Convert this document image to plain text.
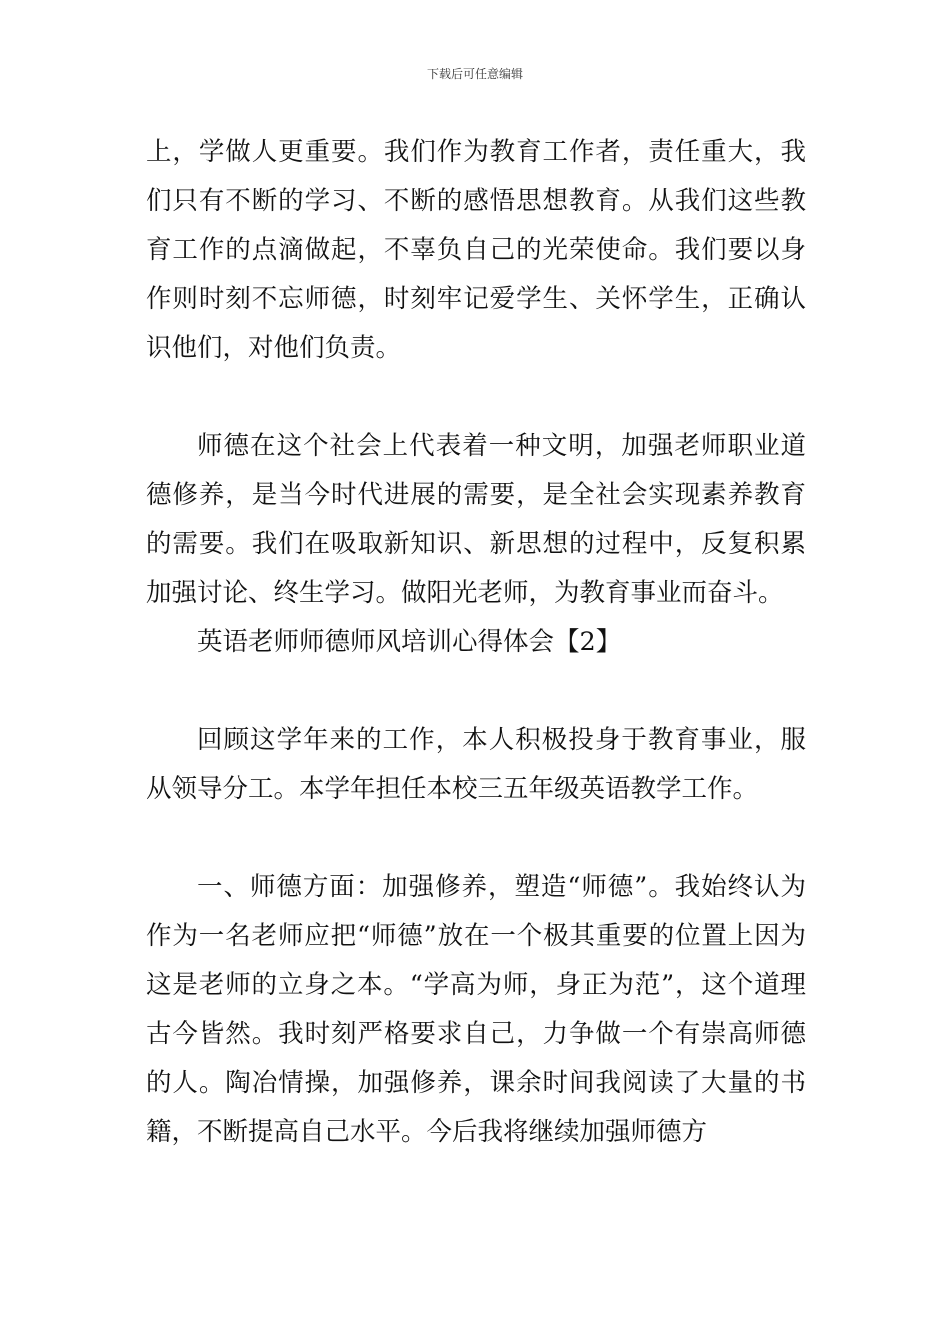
下载后可任意编辑

上，学做人更重要。我们作为教育工作者，责任重大，我们只有不断的学习、不断的感悟思想教育。从我们这些教育工作的点滴做起，不辜负自己的光荣使命。我们要以身作则时刻不忘师德，时刻牢记爱学生、关怀学生，正确认识他们，对他们负责。

师德在这个社会上代表着一种文明，加强老师职业道德修养，是当今时代进展的需要，是全社会实现素养教育的需要。我们在吸取新知识、新思想的过程中，反复积累加强讨论、终生学习。做阳光老师，为教育事业而奋斗。

英语老师师德师风培训心得体会【2】

回顾这学年来的工作，本人积极投身于教育事业，服从领导分工。本学年担任本校三五年级英语教学工作。

一、师德方面：加强修养，塑造“师德”。我始终认为作为一名老师应把“师德”放在一个极其重要的位置上因为这是老师的立身之本。“学高为师，身正为范”，这个道理古今皆然。我时刻严格要求自己，力争做一个有崇高师德的人。陶冶情操，加强修养，课余时间我阅读了大量的书籍，不断提高自己水平。今后我将继续加强师德方
